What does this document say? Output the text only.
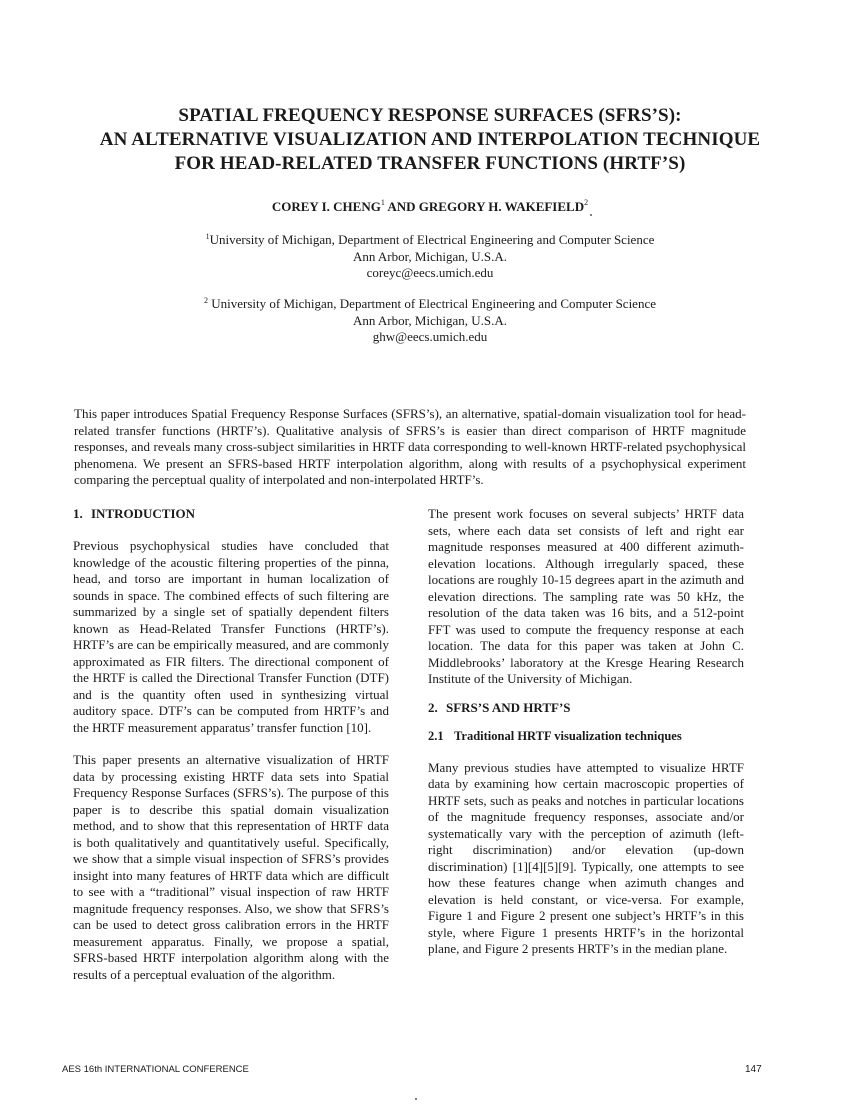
SPATIAL FREQUENCY RESPONSE SURFACES (SFRS’S):

AN ALTERNATIVE VISUALIZATION AND INTERPOLATION TECHNIQUE

FOR HEAD-RELATED TRANSFER FUNCTIONS (HRTF’S)

COREY I. CHENG$^1$ AND GREGORY H. WAKEFIELD$^2$
$^1$University of Michigan, Department of Electrical Engineering and Computer Science
Ann Arbor, Michigan, U.S.A.
coreyc@eecs.umich.edu
$^2$ University of Michigan, Department of Electrical Engineering and Computer Science
Ann Arbor, Michigan, U.S.A.
ghw@eecs.umich.edu

This paper introduces Spatial Frequency Response Surfaces (SFRS’s), an alternative, spatial-domain visualization tool for head-related transfer functions (HRTF’s). Qualitative analysis of SFRS’s is easier than direct comparison of HRTF magnitude responses, and reveals many cross-subject similarities in HRTF data corresponding to well-known HRTF-related psychophysical phenomena. We present an SFRS-based HRTF interpolation algorithm, along with results of a psychophysical experiment comparing the perceptual quality of interpolated and non-interpolated HRTF’s.

1. INTRODUCTION

Previous psychophysical studies have concluded that knowledge of the acoustic filtering properties of the pinna, head, and torso are important in human localization of sounds in space. The combined effects of such filtering are summarized by a single set of spatially dependent filters known as Head-Related Transfer Functions (HRTF’s). HRTF’s are can be empirically measured, and are commonly approximated as FIR filters. The directional component of the HRTF is called the Directional Transfer Function (DTF) and is the quantity often used in synthesizing virtual auditory space. DTF’s can be computed from HRTF’s and the HRTF measurement apparatus’ transfer function [10].

This paper presents an alternative visualization of HRTF data by processing existing HRTF data sets into Spatial Frequency Response Surfaces (SFRS’s). The purpose of this paper is to describe this spatial domain visualization method, and to show that this representation of HRTF data is both qualitatively and quantitatively useful. Specifically, we show that a simple visual inspection of SFRS’s provides insight into many features of HRTF data which are difficult to see with a “traditional” visual inspection of raw HRTF magnitude frequency responses. Also, we show that SFRS’s can be used to detect gross calibration errors in the HRTF measurement apparatus. Finally, we propose a spatial, SFRS-based HRTF interpolation algorithm along with the results of a perceptual evaluation of the algorithm.

The present work focuses on several subjects’ HRTF data sets, where each data set consists of left and right ear magnitude responses measured at 400 different azimuth-elevation locations. Although irregularly spaced, these locations are roughly 10-15 degrees apart in the azimuth and elevation directions. The sampling rate was 50 kHz, the resolution of the data taken was 16 bits, and a 512-point FFT was used to compute the frequency response at each location. The data for this paper was taken at John C. Middlebrooks’ laboratory at the Kresge Hearing Research Institute of the University of Michigan.

2. SFRS’S AND HRTF’S

2.1 Traditional HRTF visualization techniques

Many previous studies have attempted to visualize HRTF data by examining how certain macroscopic properties of HRTF sets, such as peaks and notches in particular locations of the magnitude frequency responses, associate and/or systematically vary with the perception of azimuth (left-right discrimination) and/or elevation (up-down discrimination) [1][4][5][9]. Typically, one attempts to see how these features change when azimuth changes and elevation is held constant, or vice-versa. For example, Figure 1 and Figure 2 present one subject’s HRTF’s in this style, where Figure 1 presents HRTF’s in the horizontal plane, and Figure 2 presents HRTF’s in the median plane.

AES 16th INTERNATIONAL CONFERENCE	147
